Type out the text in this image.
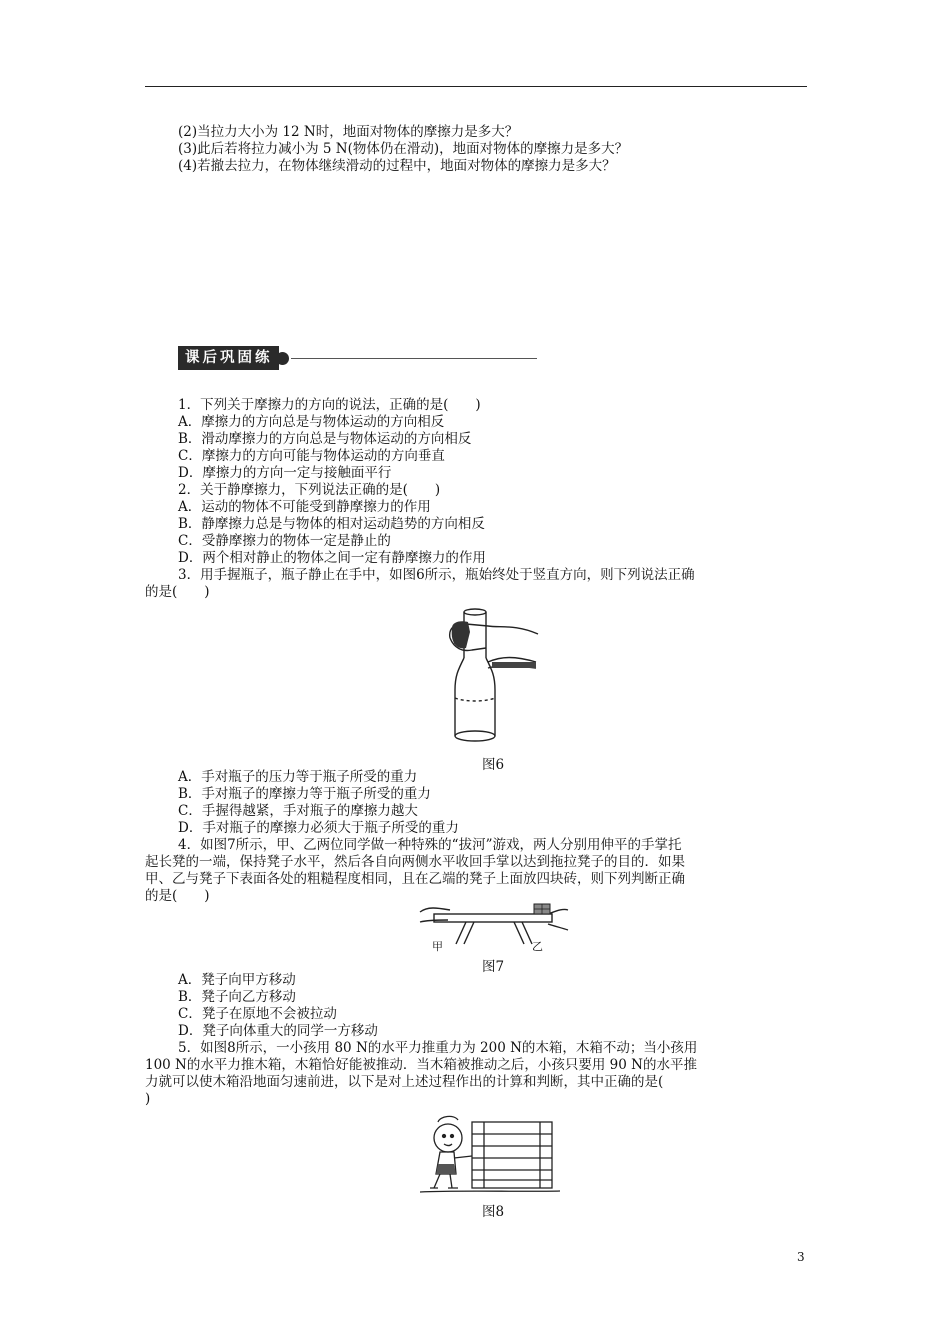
(2)当拉力大小为 12 N时，地面对物体的摩擦力是多大？
(3)此后若将拉力减小为 5 N(物体仍在滑动)，地面对物体的摩擦力是多大？
(4)若撤去拉力，在物体继续滑动的过程中，地面对物体的摩擦力是多大？
课后巩固练
1．下列关于摩擦力的方向的说法，正确的是(　　)
A．摩擦力的方向总是与物体运动的方向相反
B．滑动摩擦力的方向总是与物体运动的方向相反
C．摩擦力的方向可能与物体运动的方向垂直
D．摩擦力的方向一定与接触面平行
2．关于静摩擦力，下列说法正确的是(　　)
A．运动的物体不可能受到静摩擦力的作用
B．静摩擦力总是与物体的相对运动趋势的方向相反
C．受静摩擦力的物体一定是静止的
D．两个相对静止的物体之间一定有静摩擦力的作用
3．用手握瓶子，瓶子静止在手中，如图6所示，瓶始终处于竖直方向，则下列说法正确
的是(　　)
图6
A．手对瓶子的压力等于瓶子所受的重力
B．手对瓶子的摩擦力等于瓶子所受的重力
C．手握得越紧，手对瓶子的摩擦力越大
D．手对瓶子的摩擦力必须大于瓶子所受的重力
4．如图7所示，甲、乙两位同学做一种特殊的“拔河”游戏，两人分别用伸平的手掌托
起长凳的一端，保持凳子水平，然后各自向两侧水平收回手掌以达到拖拉凳子的目的．如果
甲、乙与凳子下表面各处的粗糙程度相同，且在乙端的凳子上面放四块砖，则下列判断正确
的是(　　)
甲	乙
图7
A．凳子向甲方移动
B．凳子向乙方移动
C．凳子在原地不会被拉动
D．凳子向体重大的同学一方移动
5．如图8所示，一小孩用 80 N的水平力推重力为 200 N的木箱，木箱不动；当小孩用
100 N的水平力推木箱，木箱恰好能被推动．当木箱被推动之后，小孩只要用 90 N的水平推
力就可以使木箱沿地面匀速前进，以下是对上述过程作出的计算和判断，其中正确的是(
)
图8
3
